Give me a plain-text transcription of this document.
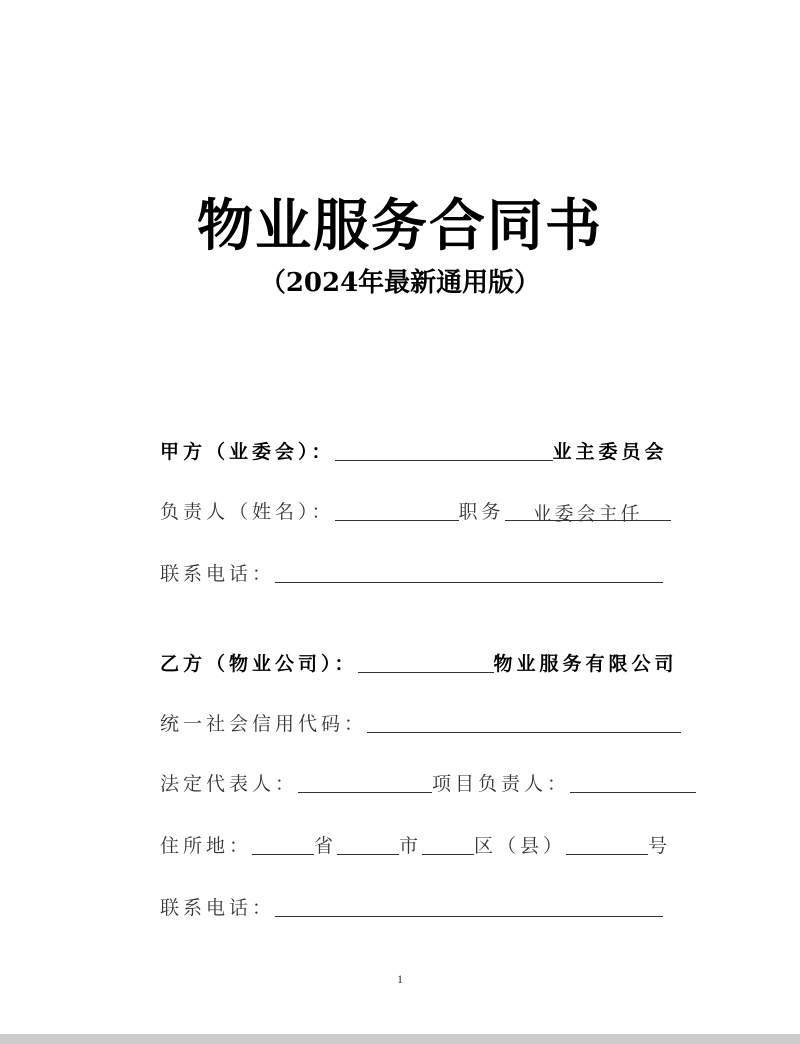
物业服务合同书
（2024年最新通用版）
甲方（业委会）：	业主委员会
负责人（姓名）：	职务	业委会主任
联系电话：
乙方（物业公司）：	物业服务有限公司
统一社会信用代码：
法定代表人：	项目负责人：
住所地：	省	市	区（县）	号
联系电话：
1
